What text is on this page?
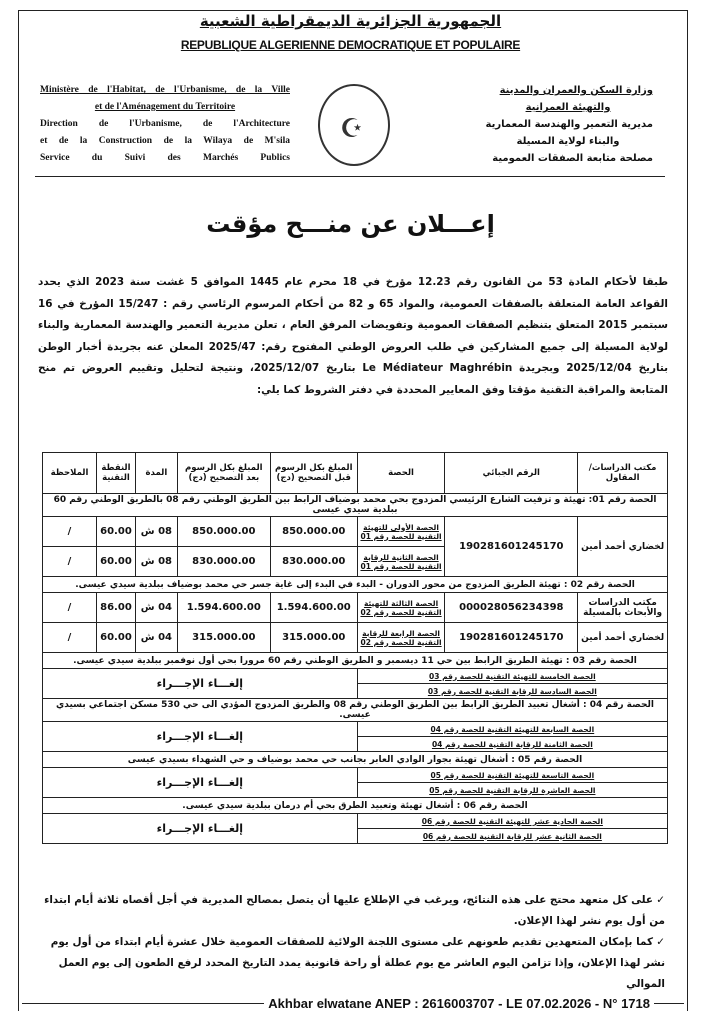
الجمهورية الجزائرية الديمقراطية الشعبية
REPUBLIQUE ALGERIENNE DEMOCRATIQUE ET POPULAIRE
Ministère de l'Habitat, de l'Urbanisme, de la Ville
et de l'Aménagement du Territoire
Direction de l'Urbanisme, de l'Architecture
et de la Construction de la Wilaya de M'sila
Service du Suivi des Marchés Publics
☪
وزارة السكن والعمران والمدينة
والتهيئة العمرانية
مديرية التعمير والهندسة المعمارية
والبناء لولاية المسيلة
مصلحة متابعة الصفقات العمومية
إعـــلان عن منـــح مؤقت
طبقا لأحكام المادة 53 من القانون رقم 12.23 مؤرخ في 18 محرم عام 1445 الموافق 5 غشت سنة 2023 الذي يحدد القواعد العامة المتعلقة بالصفقات العمومية، والمواد 65 و 82 من أحكام المرسوم الرئاسي رقم : 15/247 المؤرخ في 16 سبتمبر 2015 المتعلق بتنظيم الصفقات العمومية وتفويضات المرفق العام ، تعلن مديرية التعمير والهندسة المعمارية والبناء لولاية المسيلة إلى جميع المشاركين في طلب العروض الوطني المفتوح رقم: 2025/47 المعلن عنه بجريدة أخبار الوطن بتاريخ 2025/12/04 وبجريدة Le Médiateur Maghrébin بتاريخ 2025/12/07، ونتيجة لتحليل وتقييم العروض تم منح المتابعة والمراقبة التقنية مؤقتا وفق المعايير المحددة في دفتر الشروط كما يلي:
مكتب الدراسات/ المقاول	الرقم الجبائي	الحصة	المبلغ بكل الرسوم قبل التصحيح (دج)	المبلغ بكل الرسوم بعد التصحيح (دج)	المدة	النقطة التقنية	الملاحظة
الحصة رقم 01: تهيئة و تزفيت الشارع الرئيسي المزدوج بحي محمد بوضياف الرابط بين الطريق الوطني رقم 08 بالطريق الوطني رقم 60 ببلدية سيدي عيسى							
لخضاري أحمد أمين	190281601245170	الحصة الأولى للتهيئة التقنية للحصة رقم 01	850.000.00	850.000.00	08 ش	60.00	/
		الحصة الثانية للرقابة التقنية للحصة رقم 01	830.000.00	830.000.00	08 ش	60.00	/
الحصة رقم 02 : تهيئة الطريق المزدوج من محور الدوران - البدء في البدء إلى غاية جسر حي محمد بوضياف ببلدية سيدي عيسى.							
مكتب الدراسات والأبحاث بالمسيلة	000028056234398	الحصة الثالثة للتهيئة التقنية للحصة رقم 02	1.594.600.00	1.594.600.00	04 ش	86.00	/
لخضاري أحمد أمين	190281601245170	الحصة الرابعة للرقابة التقنية للحصة رقم 02	315.000.00	315.000.00	04 ش	60.00	/
الحصة رقم 03 : تهيئة الطريق الرابط بين حي 11 ديسمبر و الطريق الوطني رقم 60 مرورا بحي أول نوفمبر ببلدية سيدي عيسى.							
الحصة الخامسة للتهيئة التقنية للحصة رقم 03			إلغـــاء الإجـــراء				
الحصة السادسة للرقابة التقنية للحصة رقم 03							
الحصة رقم 04 : أشغال تعبيد الطريق الرابط بين الطريق الوطني رقم 08 والطريق المزدوج المؤدي الى حي 530 مسكن اجتماعي بسيدي عيسى.							
الحصة السابعة للتهيئة التقنية للحصة رقم 04			إلغـــاء الإجـــراء				
الحصة الثامنة للرقابة التقنية للحصة رقم 04							
الحصة رقم 05 : أشغال تهيئة بجوار الوادي العابر بجانب حي محمد بوضياف و حي الشهداء بسيدي عيسى							
الحصة التاسعة للتهيئة التقنية للحصة رقم 05			إلغـــاء الإجـــراء				
الحصة العاشرة للرقابة التقنية للحصة رقم 05							
الحصة رقم 06 : أشغال تهيئة وتعبيد الطرق بحي أم درمان ببلدية سيدي عيسى.							
الحصة الحادية عشر للتهيئة التقنية للحصة رقم 06			إلغـــاء الإجـــراء				
الحصة الثانية عشر للرقابة التقنية للحصة رقم 06							
✓ على كل متعهد محتج على هذه النتائج، ويرغب في الإطلاع عليها أن يتصل بمصالح المديرية في أجل أقصاه ثلاثة أيام ابتداء من أول يوم نشر لهذا الإعلان.
✓ كما بإمكان المتعهدين تقديم طعونهم على مستوى اللجنة الولائية للصفقات العمومية خلال عشرة أيام ابتداء من أول يوم نشر لهذا الإعلان، وإذا تزامن اليوم العاشر مع يوم عطلة أو راحة قانونية يمدد التاريخ المحدد لرفع الطعون إلى يوم العمل الموالي
Akhbar elwatane ANEP : 2616003707 - LE 07.02.2026 - N° 1718
